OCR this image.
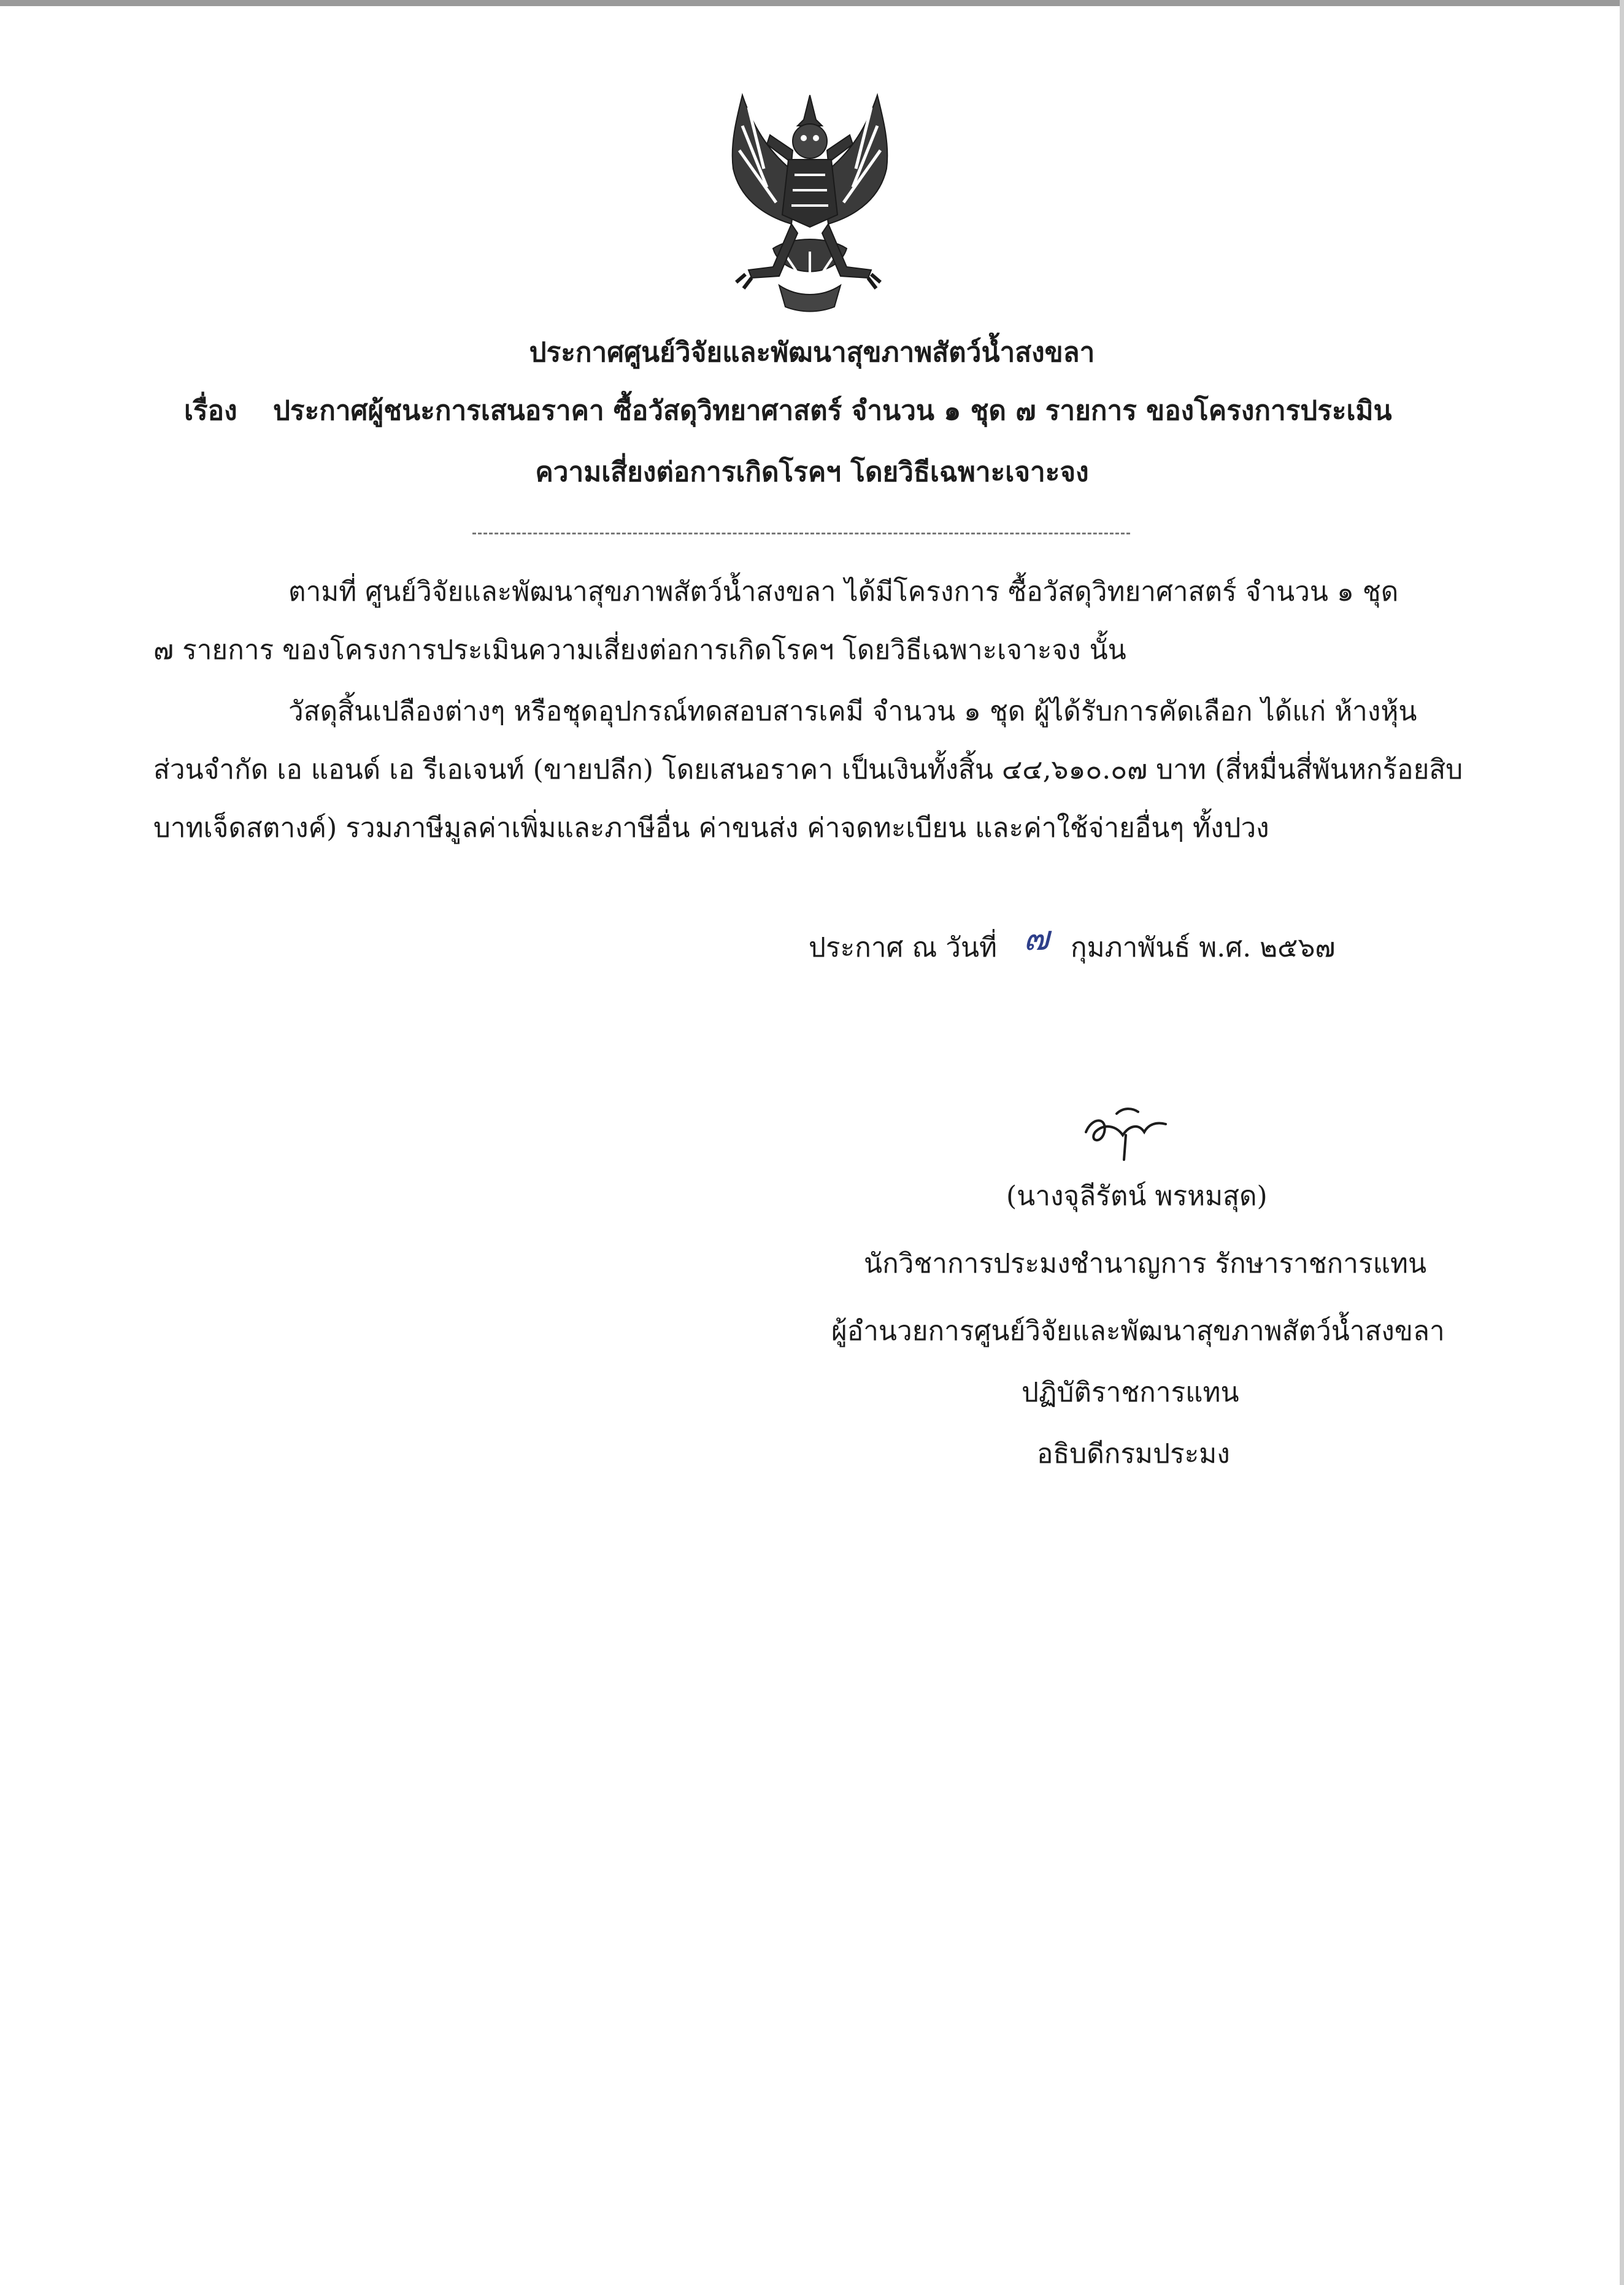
ประกาศศูนย์วิจัยและพัฒนาสุขภาพสัตว์น้ำสงขลา
เรื่อง ประกาศผู้ชนะการเสนอราคา ซื้อวัสดุวิทยาศาสตร์ จำนวน ๑ ชุด ๗ รายการ ของโครงการประเมิน
ความเสี่ยงต่อการเกิดโรคฯ โดยวิธีเฉพาะเจาะจง
ตามที่ ศูนย์วิจัยและพัฒนาสุขภาพสัตว์น้ำสงขลา ได้มีโครงการ ซื้อวัสดุวิทยาศาสตร์ จำนวน ๑ ชุด
๗ รายการ ของโครงการประเมินความเสี่ยงต่อการเกิดโรคฯ โดยวิธีเฉพาะเจาะจง นั้น
วัสดุสิ้นเปลืองต่างๆ หรือชุดอุปกรณ์ทดสอบสารเคมี จำนวน ๑ ชุด ผู้ได้รับการคัดเลือก ได้แก่ ห้างหุ้น
ส่วนจำกัด เอ แอนด์ เอ รีเอเจนท์ (ขายปลีก) โดยเสนอราคา เป็นเงินทั้งสิ้น ๔๔,๖๑๐.๐๗ บาท (สี่หมื่นสี่พันหกร้อยสิบ
บาทเจ็ดสตางค์) รวมภาษีมูลค่าเพิ่มและภาษีอื่น ค่าขนส่ง ค่าจดทะเบียน และค่าใช้จ่ายอื่นๆ ทั้งปวง
ประกาศ ณ วันที่ ๗ กุมภาพันธ์ พ.ศ. ๒๕๖๗
(นางจุลีรัตน์ พรหมสุด)
นักวิชาการประมงชำนาญการ รักษาราชการแทน
ผู้อำนวยการศูนย์วิจัยและพัฒนาสุขภาพสัตว์น้ำสงขลา
ปฏิบัติราชการแทน
อธิบดีกรมประมง
